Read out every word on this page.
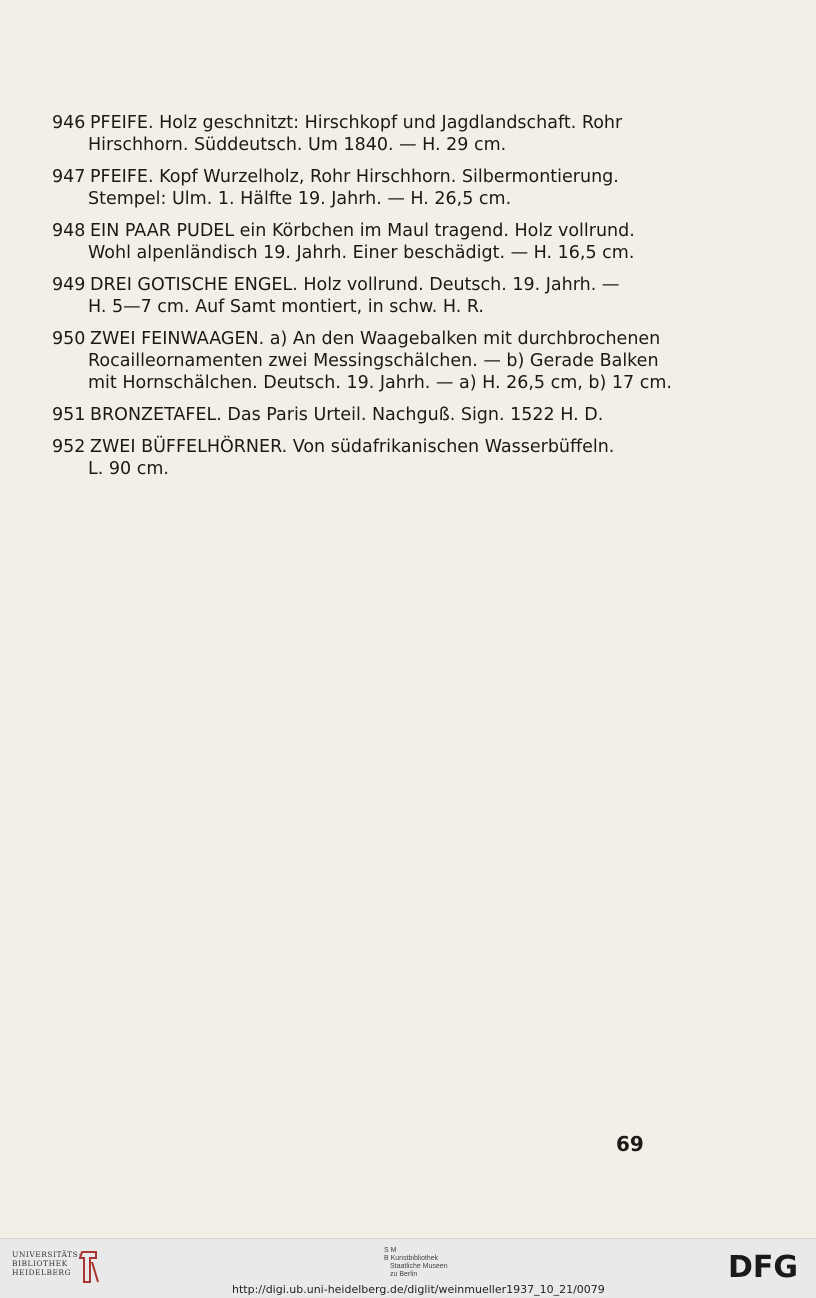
946 PFEIFE. Holz geschnitzt: Hirschkopf und Jagdlandschaft. Rohr
Hirschhorn. Süddeutsch. Um 1840. — H. 29 cm.
947 PFEIFE. Kopf Wurzelholz, Rohr Hirschhorn. Silbermontierung.
Stempel: Ulm. 1. Hälfte 19. Jahrh. — H. 26,5 cm.
948 EIN PAAR PUDEL ein Körbchen im Maul tragend. Holz vollrund.
Wohl alpenländisch 19. Jahrh. Einer beschädigt. — H. 16,5 cm.
949 DREI GOTISCHE ENGEL. Holz vollrund. Deutsch. 19. Jahrh. —
H. 5—7 cm. Auf Samt montiert, in schw. H. R.
950 ZWEI FEINWAAGEN. a) An den Waagebalken mit durchbrochenen
Rocailleornamenten zwei Messingschälchen. — b) Gerade Balken
mit Hornschälchen. Deutsch. 19. Jahrh. — a) H. 26,5 cm, b) 17 cm.
951 BRONZETAFEL. Das Paris Urteil. Nachguß. Sign. 1522 H. D.
952 ZWEI BÜFFELHÖRNER. Von südafrikanischen Wasserbüffeln.
L. 90 cm.
69
UNIVERSITÄTS-
BIBLIOTHEK
HEIDELBERG
S M
B Kunstbibliothek
Staatliche Museen
zu Berlin	DFG
http://digi.ub.uni-heidelberg.de/diglit/weinmueller1937_10_21/0079
